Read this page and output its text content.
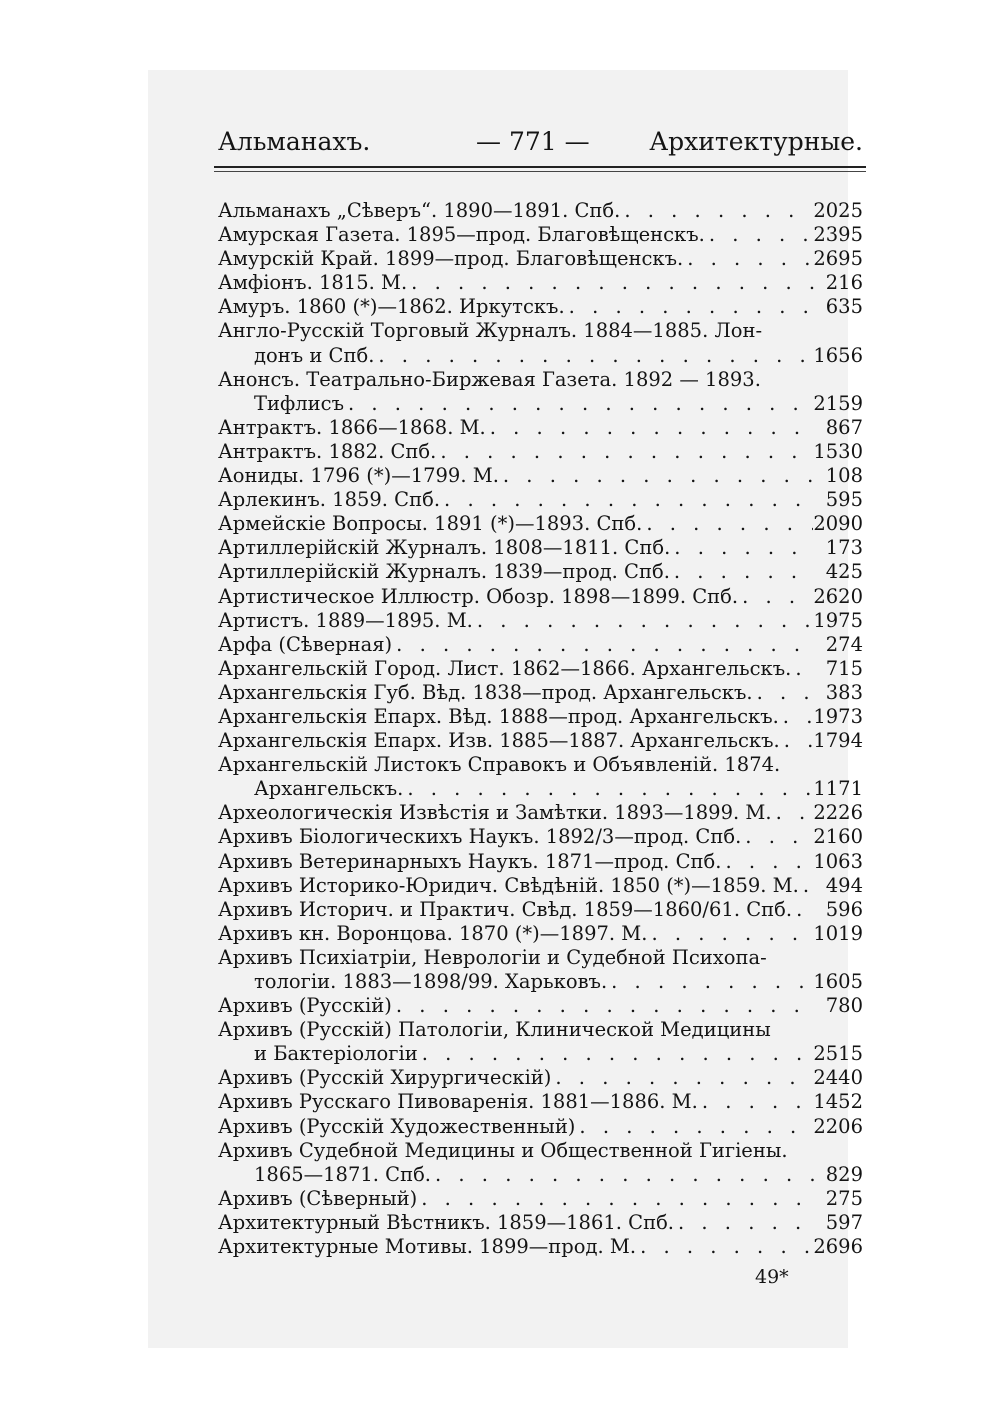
Альманахъ.	— 771 — Архитектурные.
Альманахъ „Сѣверъ“. 1890—1891. Спб. . . .	2025
Амурская Газета. 1895—прод. Благовѣщенскъ. . . .	2395
Амурскій Край. 1899—прод. Благовѣщенскъ. . . .	2695
Амфіонъ. 1815. М. . . .	216
Амуръ. 1860 (*)—1862. Иркутскъ. . . .	635
Англо-Русскій Торговый Журналъ. 1884—1885. Лон-
донъ и Спб. . . .	1656
Анонсъ. Театрально-Биржевая Газета. 1892 — 1893.
Тифлисъ . . .	2159
Антрактъ. 1866—1868. М. . . .	867
Антрактъ. 1882. Спб. . . .	1530
Аониды. 1796 (*)—1799. М. . . .	108
Арлекинъ. 1859. Спб. . . .	595
Армейскіе Вопросы. 1891 (*)—1893. Спб. . . .	2090
Артиллерійскій Журналъ. 1808—1811. Спб. . . .	173
Артиллерійскій Журналъ. 1839—прод. Спб. . . .	425
Артистическое Иллюстр. Обозр. 1898—1899. Спб. . . .	2620
Артистъ. 1889—1895. М. . . .	1975
Арфа (Сѣверная) . . .	274
Архангельскій Город. Лист. 1862—1866. Архангельскъ. . . .	715
Архангельскія Губ. Вѣд. 1838—прод. Архангельскъ. . . .	383
Архангельскія Епарх. Вѣд. 1888—прод. Архангельскъ. . . . 1973
Архангельскія Епарх. Изв. 1885—1887. Архангельскъ. . . . 1794
Архангельскій Листокъ Справокъ и Объявленій. 1874.
Архангельскъ. . . .	1171
Археологическія Извѣстія и Замѣтки. 1893—1899. М. . . . 2226
Архивъ Біологическихъ Наукъ. 1892/3—прод. Спб. . . .	2160
Архивъ Ветеринарныхъ Наукъ. 1871—прод. Спб. . . .	1063
Архивъ Историко-Юридич. Свѣдѣній. 1850 (*)—1859. М. . . .	494
Архивъ Историч. и Практич. Свѣд. 1859—1860/61. Спб. . . .	596
Архивъ кн. Воронцова. 1870 (*)—1897. М. . . .	1019
Архивъ Психіатріи, Неврологіи и Судебной Психопа-
тологіи. 1883—1898/99. Харьковъ. . . .	1605
Архивъ (Русскій) . . .	780
Архивъ (Русскій) Патологіи, Клинической Медицины
и Бактеріологіи . . .	2515
Архивъ (Русскій Хирургическій) . . .	2440
Архивъ Русскаго Пивоваренія. 1881—1886. М. . . .	1452
Архивъ (Русскій Художественный) . . .	2206
Архивъ Судебной Медицины и Общественной Гигіены.
1865—1871. Спб. . . .	829
Архивъ (Сѣверный) . . .	275
Архитектурный Вѣстникъ. 1859—1861. Спб. . . .	597
Архитектурные Мотивы. 1899—прод. М. . . .	2696
49*
